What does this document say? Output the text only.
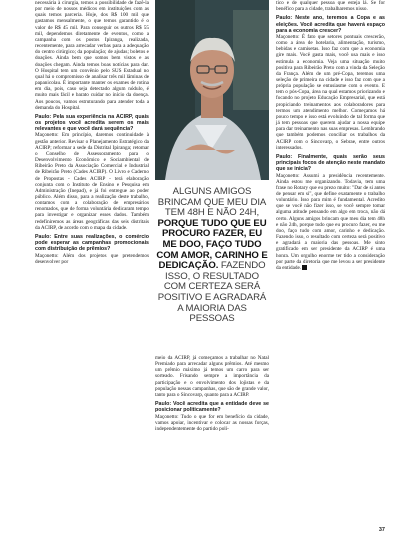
necessária à cirurgia, temos a possibilidade de fazê-la por meio de nossos médicos em instituições com as quais temos parceria. Hoje, dos R$ 100 mil que gastamos mensalmente, o que temos garantido é o valor de R$ 45 mil. Para conseguir os outros R$ 55 mil, dependemos diretamente de eventos, como a campanha com os postos Ipiranga, realizada, recentemente, para arrecadar verbas para a adequação do centro cirúrgico; da população; de ajudas; boletos e doações. Ainda bem que somos bem vistos e as doações chegam. Ainda temos boas notícias para dar. O Hospital tem um convênio pelo SUS Estadual no qual há o compromisso de analisar três mil lâminas de papanicolau. É importante manter os exames de rotina em dia, pois, caso seja detectado algum nódulo, é muito mais fácil e barato cuidar no início da doença. Aos poucos, vamos estruturando para atender toda a demanda do Hospital.

Paulo: Pela sua experiência na ACIRP, quais os projetos você acredita serem os mais relevantes e que você dará sequência?

Maçonetto: Em princípio, daremos continuidade à gestão anterior. Revisar o Planejamento Estratégico da ACIRP; reformar a sede da Distrital Ipiranga; retomar o Conselho de Assessoramento para o Desenvolvimento Econômico e Sociambiental de Ribeirão Preto da Associação Comercial e Industrial de Ribeirão Preto (Cades ACIRP). O Livro e Caderno de Propostas - Cades ACIRP - terá elaboração conjunta com o Instituto de Ensino e Pesquisa em Administração (Inepad), e já foi entregue ao poder público. Além disso, para a realização deste trabalho, contamos com a colaboração de empresários renomados, que de forma voluntária dedicaram tempo para investigar e organizar esses dados. Também redefiniremos as áreas geográficas das seis distritais da ACIRP, de acordo com o mapa da cidade.

Paulo: Entre suas realizações, o comércio pode esperar as campanhas promocionais com distribuição de prêmios?

Maçonetto: Além dos projetos que pretendemos desenvolver por

ALGUNS AMIGOS BRINCAM QUE MEU DIA TEM 48H E NÃO 24H, PORQUE TUDO QUE EU PROCURO FAZER, EU ME DOO, FAÇO TUDO COM AMOR, CARINHO E DEDICAÇÃO. FAZENDO ISSO, O RESULTADO COM CERTEZA SERÁ POSITIVO E AGRADARÁ A MAIORIA DAS PESSOAS

meio da ACIRP, já começamos a trabalhar no Natal Premiado para arrecadar alguns prêmios. Até mesmo um prêmio máximo já temos um carro para ser sorteado. Frisando sempre a importância da participação e o envolvimento dos lojistas e da população nessas campanhas, que são de grande valor, tanto para o Sincovarp, quanto para a ACIRP.

Paulo: Você acredita que a entidade deve se posicionar politicamente?

Maçonetto: Tudo o que for em benefício da cidade, vamos apoiar, incentivar e colocar as nossas forças, independentemente do partido polí-

tico e de qualquer pessoa que esteja lá. Se for benéfico para a cidade, trabalharemos nisso.

Paulo: Neste ano, teremos a Copa e as eleições. Você acredita que haverá espaço para a economia crescer?

Maçonetto: É fato que setores pontuais crescerão, como a área de hotelaria, alimentação, turismo, bebidas e camisetas. Isso faz com que a economia gire mais. Você gasta mais, você usa mais e isso estimula a economia. Veja uma situação muito positiva para Ribeirão Preto com a vinda da Seleção da França. Além de um pré-Copa, teremos uma seleção de primeira na cidade e isso faz com que a própria população se entusiasme com o evento. E tem o pós-Copa, área na qual estamos priorizando e focando no projeto Educação Empresarial, que está propiciando treinamentos aos colaboradores para termos um atendimento melhor. Começamos há pouco tempo e isso está evoluindo de tal forma que já tem pessoas que querem ajudar a nossa equipe para dar treinamento nas suas empresas. Lembrando que também podemos conciliar os trabalhos da ACIRP com o Sincovarp, o Sebrae, entre outros interessados.

Paulo: Finalmente, quais serão seus principais focos de atenção neste mandato que se inicia?

Maçonetto: Assumi a presidência recentemente. Ainda estou me organizando. Todavia, tem uma frase no Rotary que eu prezo muito: "Dar de si antes de pensar em si", que define exatamente o trabalho voluntário. Isso para mim é fundamental. Acredito que se você não fizer isso, se você sempre tomar alguma atitude pensando em algo em troca, não dá certo. Alguns amigos brincam que meu dia tem 48h e não 24h, porque tudo que eu procuro fazer, eu me doo, faço tudo com amor, carinho e dedicação. Fazendo isso, o resultado com certeza será positivo e agradará a maioria das pessoas. Me sinto gratificado em ser presidente da ACIRP é uma honra. Um orgulho enorme ter tido a consideração por parte da diretoria que me levou a ser presidente da entidade.

37
